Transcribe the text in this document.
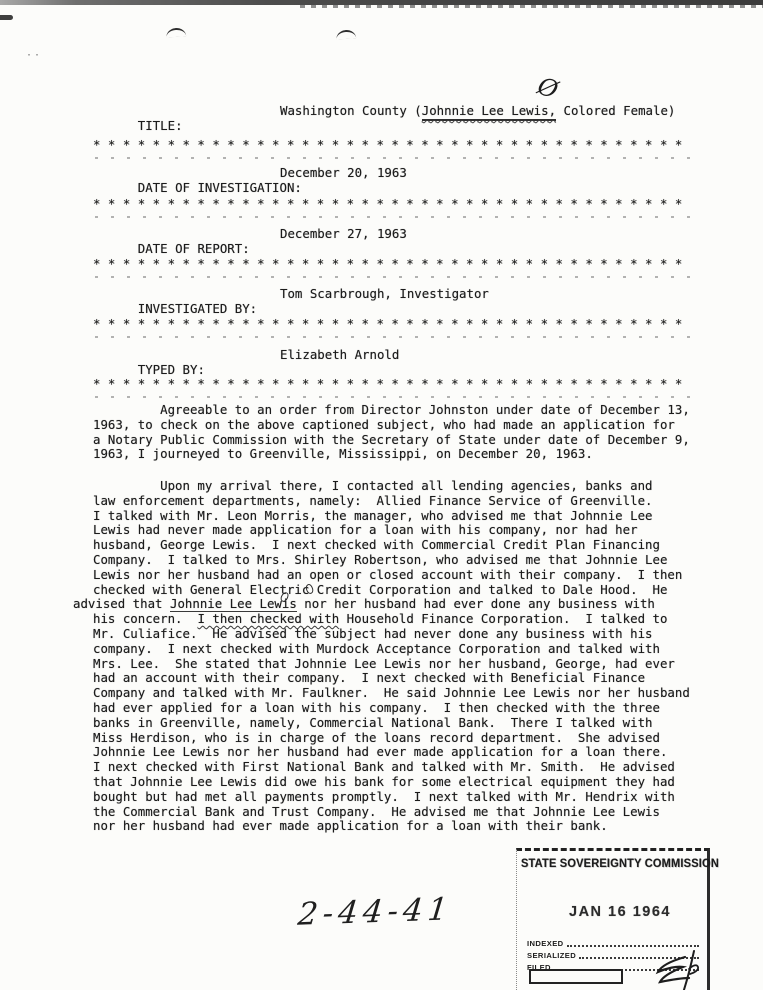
··

TITLE:

Washington County (Johnnie Lee Lewis, Colored Female)

* * * * * * * * * * * * * * * * * * * * * * * * * * * * * * * * * * * * * * * *

DATE OF INVESTIGATION:

December 20, 1963

* * * * * * * * * * * * * * * * * * * * * * * * * * * * * * * * * * * * * * * *

DATE OF REPORT:

December 27, 1963

* * * * * * * * * * * * * * * * * * * * * * * * * * * * * * * * * * * * * * * *

INVESTIGATED BY:

Tom Scarbrough, Investigator

* * * * * * * * * * * * * * * * * * * * * * * * * * * * * * * * * * * * * * * *

TYPED BY:

Elizabeth Arnold

* * * * * * * * * * * * * * * * * * * * * * * * * * * * * * * * * * * * * * * *
Agreeable to an order from Director Johnston under date of December 13,
1963, to check on the above captioned subject, who had made an application for
a Notary Public Commission with the Secretary of State under date of December 9,
1963, I journeyed to Greenville, Mississippi, on December 20, 1963.
Upon my arrival there, I contacted all lending agencies, banks and
law enforcement departments, namely:  Allied Finance Service of Greenville.
I talked with Mr. Leon Morris, the manager, who advised me that Johnnie Lee
Lewis had never made application for a loan with his company, nor had her
husband, George Lewis.  I next checked with Commercial Credit Plan Financing
Company.  I talked to Mrs. Shirley Robertson, who advised me that Johnnie Lee
Lewis nor her husband had an open or closed account with their company.  I then
checked with General Electric Credit Corporation and talked to Dale Hood.  He
advised that Johnnie Lee Lewis nor her husband had ever done any business with
his concern.  I then checked with Household Finance Corporation.  I talked to
Mr. Culiafice.  He advised the subject had never done any business with his
company.  I next checked with Murdock Acceptance Corporation and talked with
Mrs. Lee.  She stated that Johnnie Lee Lewis nor her husband, George, had ever
had an account with their company.  I next checked with Beneficial Finance
Company and talked with Mr. Faulkner.  He said Johnnie Lee Lewis nor her husband
had ever applied for a loan with his company.  I then checked with the three
banks in Greenville, namely, Commercial National Bank.  There I talked with
Miss Herdison, who is in charge of the loans record department.  She advised
Johnnie Lee Lewis nor her husband had ever made application for a loan there.
I next checked with First National Bank and talked with Mr. Smith.  He advised
that Johnnie Lee Lewis did owe his bank for some electrical equipment they had
bought but had met all payments promptly.  I next talked with Mr. Hendrix with
the Commercial Bank and Trust Company.  He advised me that Johnnie Lee Lewis
nor her husband had ever made application for a loan with their bank.
Ø
2-44-41
STATE SOVEREIGNTY COMMISSION
JAN 16 1964
INDEXED
SERIALIZED
FILED
